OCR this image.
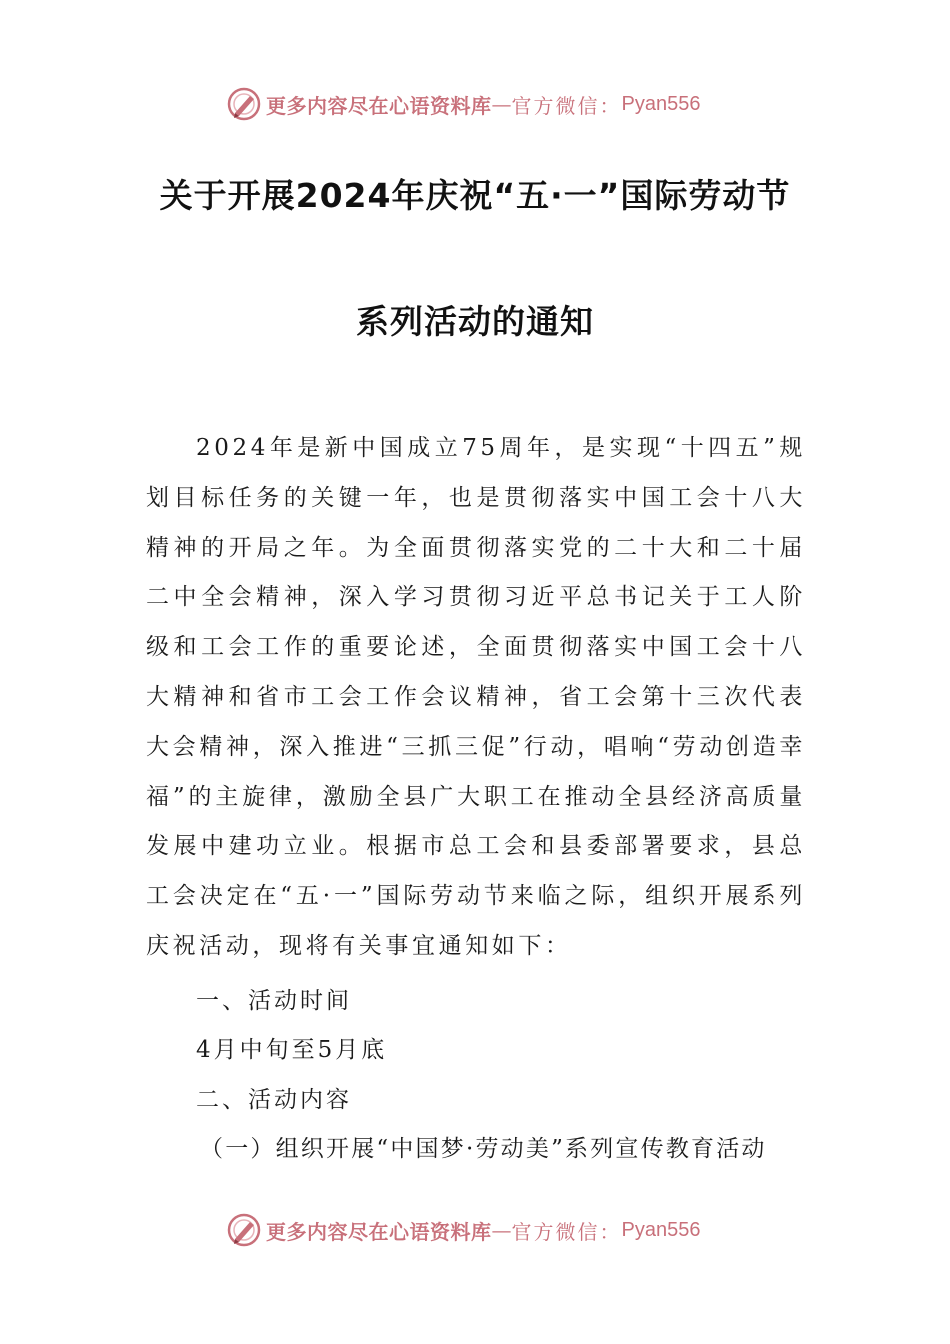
更多内容尽在心语资料库 — 官方微信： Pyan556
关于开展2024年庆祝“五·一”国际劳动节
系列活动的通知

2024年是新中国成立75周年，是实现“十四五”规划目标任务的关键一年，也是贯彻落实中国工会十八大精神的开局之年。为全面贯彻落实党的二十大和二十届二中全会精神，深入学习贯彻习近平总书记关于工人阶级和工会工作的重要论述，全面贯彻落实中国工会十八大精神和省市工会工作会议精神，省工会第十三次代表大会精神，深入推进“三抓三促”行动，唱响“劳动创造幸福”的主旋律，激励全县广大职工在推动全县经济高质量发展中建功立业。根据市总工会和县委部署要求，县总工会决定在“五·一”国际劳动节来临之际，组织开展系列庆祝活动，现将有关事宜通知如下：

一、活动时间

4月中旬至5月底

二、活动内容

（一）组织开展“中国梦·劳动美”系列宣传教育活动

更多内容尽在心语资料库 — 官方微信： Pyan556
